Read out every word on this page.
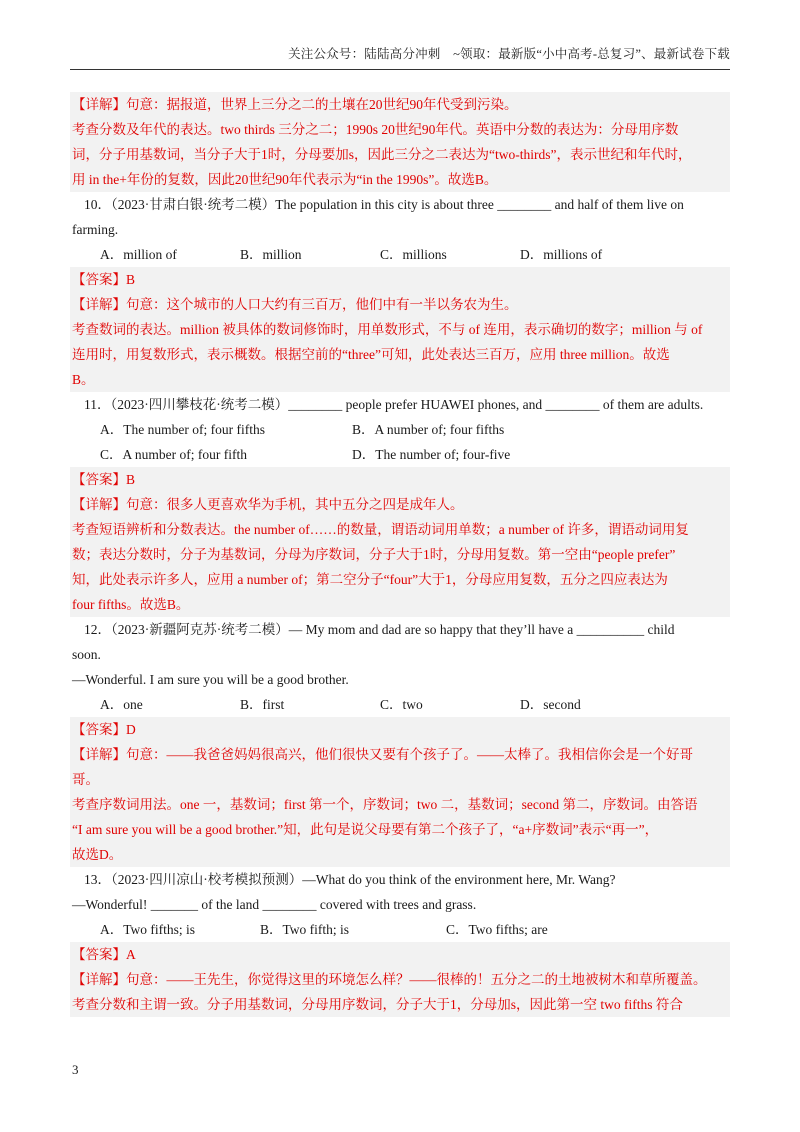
关注公众号：陆陆高分冲刺　~领取：最新版“小中高考-总复习”、最新试卷下载
【详解】句意：据报道，世界上三分之二的土壤在20世纪90年代受到污染。
考查分数及年代的表达。two thirds 三分之二；1990s 20世纪90年代。英语中分数的表达为：分母用序数
词，分子用基数词，当分子大于1时，分母要加s，因此三分之二表达为“two-thirds”，表示世纪和年代时，
用 in the+年份的复数，因此20世纪90年代表示为“in the 1990s”。故选B。
10．（2023·甘肃白银·统考二模）The population in this city is about three ________ and half of them live on
farming.
A．million of	B．million	C．millions	D．millions of
【答案】B
【详解】句意：这个城市的人口大约有三百万，他们中有一半以务农为生。
考查数词的表达。million 被具体的数词修饰时，用单数形式，不与 of 连用，表示确切的数字；million 与 of
连用时，用复数形式，表示概数。根据空前的“three”可知，此处表达三百万，应用 three million。故选
B。
11．（2023·四川攀枝花·统考二模）________ people prefer HUAWEI phones, and ________ of them are adults.
A．The number of; four fifths	B．A number of; four fifths
C．A number of; four fifth	D．The number of; four-five
【答案】B
【详解】句意：很多人更喜欢华为手机，其中五分之四是成年人。
考查短语辨析和分数表达。the number of……的数量，谓语动词用单数；a number of 许多，谓语动词用复
数；表达分数时，分子为基数词，分母为序数词，分子大于1时，分母用复数。第一空由“people prefer”
知，此处表示许多人，应用 a number of；第二空分子“four”大于1，分母应用复数，五分之四应表达为
four fifths。故选B。
12．（2023·新疆阿克苏·统考二模）— My mom and dad are so happy that they’ll have a __________ child
soon.
—Wonderful. I am sure you will be a good brother.
A．one	B．first	C．two	D．second
【答案】D
【详解】句意：——我爸爸妈妈很高兴，他们很快又要有个孩子了。——太棒了。我相信你会是一个好哥
哥。
考查序数词用法。one 一，基数词；first 第一个，序数词；two 二，基数词；second 第二，序数词。由答语
“I am sure you will be a good brother.”知，此句是说父母要有第二个孩子了，“a+序数词”表示“再一”，
故选D。
13．（2023·四川凉山·校考模拟预测）—What do you think of the environment here, Mr. Wang?
—Wonderful! _______ of the land ________ covered with trees and grass.
A．Two fifths; is	B．Two fifth; is	C．Two fifths; are
【答案】A
【详解】句意：——王先生，你觉得这里的环境怎么样？——很棒的！五分之二的土地被树木和草所覆盖。
考查分数和主谓一致。分子用基数词，分母用序数词，分子大于1，分母加s，因此第一空 two fifths 符合
3
